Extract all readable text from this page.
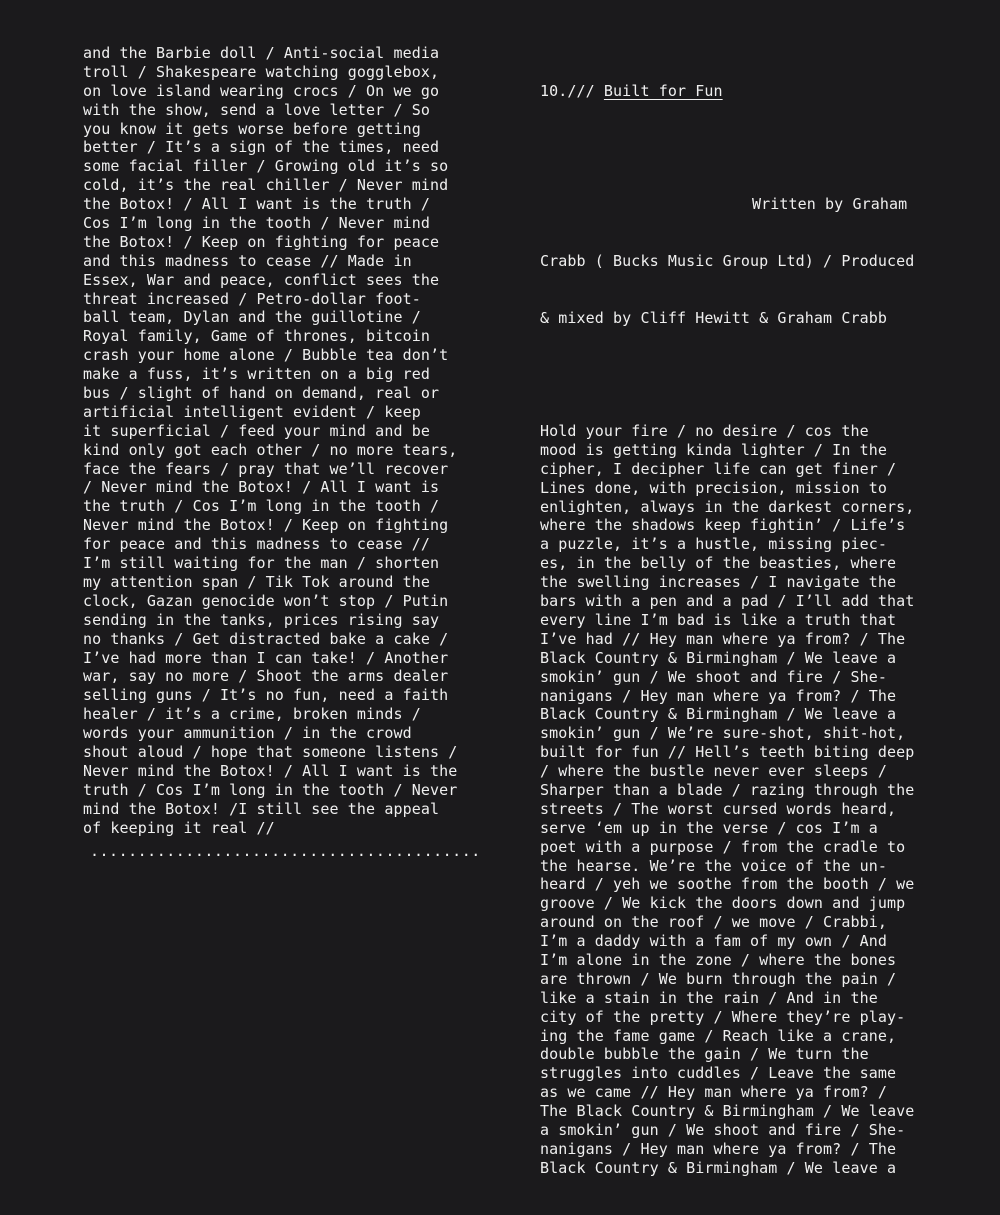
and the Barbie doll / Anti-social media
troll / Shakespeare watching gogglebox,
on love island wearing crocs / On we go
with the show, send a love letter / So
you know it gets worse before getting
better / It’s a sign of the times, need
some facial filler / Growing old it’s so
cold, it’s the real chiller / Never mind
the Botox! / All I want is the truth /
Cos I’m long in the tooth / Never mind
the Botox! / Keep on fighting for peace
and this madness to cease // Made in
Essex, War and peace, conflict sees the
threat increased / Petro-dollar foot-
ball team, Dylan and the guillotine /
Royal family, Game of thrones, bitcoin
crash your home alone / Bubble tea don’t
make a fuss, it’s written on a big red
bus / slight of hand on demand, real or
artificial intelligent evident / keep
it superficial / feed your mind and be
kind only got each other / no more tears,
face the fears / pray that we’ll recover
/ Never mind the Botox! / All I want is
the truth / Cos I’m long in the tooth /
Never mind the Botox! / Keep on fighting
for peace and this madness to cease //
I’m still waiting for the man / shorten
my attention span / Tik Tok around the
clock, Gazan genocide won’t stop / Putin
sending in the tanks, prices rising say
no thanks / Get distracted bake a cake /
I’ve had more than I can take! / Another
war, say no more / Shoot the arms dealer
selling guns / It’s no fun, need a faith
healer / it’s a crime, broken minds /
words your ammunition / in the crowd
shout aloud / hope that someone listens /
Never mind the Botox! / All I want is the
truth / Cos I’m long in the tooth / Never
mind the Botox! /I still see the appeal
of keeping it real //
.........................................

10./// Built for Fun

Written by Graham

Crabb ( Bucks Music Group Ltd) / Produced

& mixed by Cliff Hewitt & Graham Crabb

Hold your fire / no desire / cos the
mood is getting kinda lighter / In the
cipher, I decipher life can get finer /
Lines done, with precision, mission to
enlighten, always in the darkest corners,
where the shadows keep fightin’ / Life’s
a puzzle, it’s a hustle, missing piec-
es, in the belly of the beasties, where
the swelling increases / I navigate the
bars with a pen and a pad / I’ll add that
every line I’m bad is like a truth that
I’ve had // Hey man where ya from? / The
Black Country & Birmingham / We leave a
smokin’ gun / We shoot and fire / She-
nanigans / Hey man where ya from? / The
Black Country & Birmingham / We leave a
smokin’ gun / We’re sure-shot, shit-hot,
built for fun // Hell’s teeth biting deep
/ where the bustle never ever sleeps /
Sharper than a blade / razing through the
streets / The worst cursed words heard,
serve ‘em up in the verse / cos I’m a
poet with a purpose / from the cradle to
the hearse. We’re the voice of the un-
heard / yeh we soothe from the booth / we
groove / We kick the doors down and jump
around on the roof / we move / Crabbi,
I’m a daddy with a fam of my own / And
I’m alone in the zone / where the bones
are thrown / We burn through the pain /
like a stain in the rain / And in the
city of the pretty / Where they’re play-
ing the fame game / Reach like a crane,
double bubble the gain / We turn the
struggles into cuddles / Leave the same
as we came // Hey man where ya from? /
The Black Country & Birmingham / We leave
a smokin’ gun / We shoot and fire / She-
nanigans / Hey man where ya from? / The
Black Country & Birmingham / We leave a
